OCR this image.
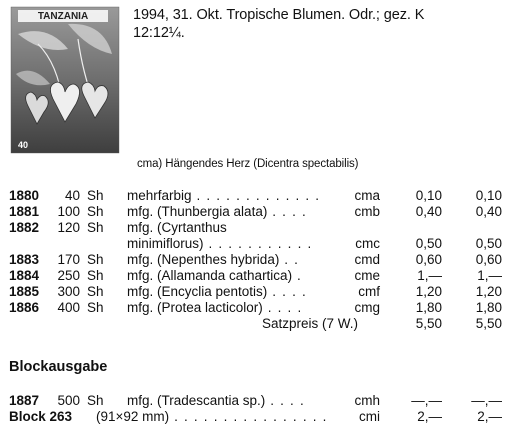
TANZANIA
40
1994, 31. Okt. Tropische Blumen. Odr.; gez. K
12:12¼.
cma) Hängendes Herz (Dicentra spectabilis)
1880	40 Sh mehrfarbig . . . . . . . . . . . . .	cma	0,10	0,10
1881	100 Sh mfg. (Thunbergia alata) . . . .	cmb	0,40	0,40
1882	120 Sh mfg. (Cyrtanthus
minimiflorus) . . . . . . . . . . .	cmc	0,50	0,50
1883	170 Sh mfg. (Nepenthes hybrida) . .	cmd	0,60	0,60
1884	250 Sh mfg. (Allamanda cathartica) .	cme	1,—	1,—
1885	300 Sh mfg. (Encyclia pentotis) . . . .	cmf	1,20	1,20
1886	400 Sh mfg. (Protea lacticolor) . . . .	cmg	1,80	1,80
Satzpreis (7 W.)	5,50	5,50
Blockausgabe
1887	500 Sh mfg. (Tradescantia sp.) . . . .	cmh	—,—	—,—
Block 263 (91×92 mm) . . . . . . . . . . . . . . . .	cmi	2,—	2,—
